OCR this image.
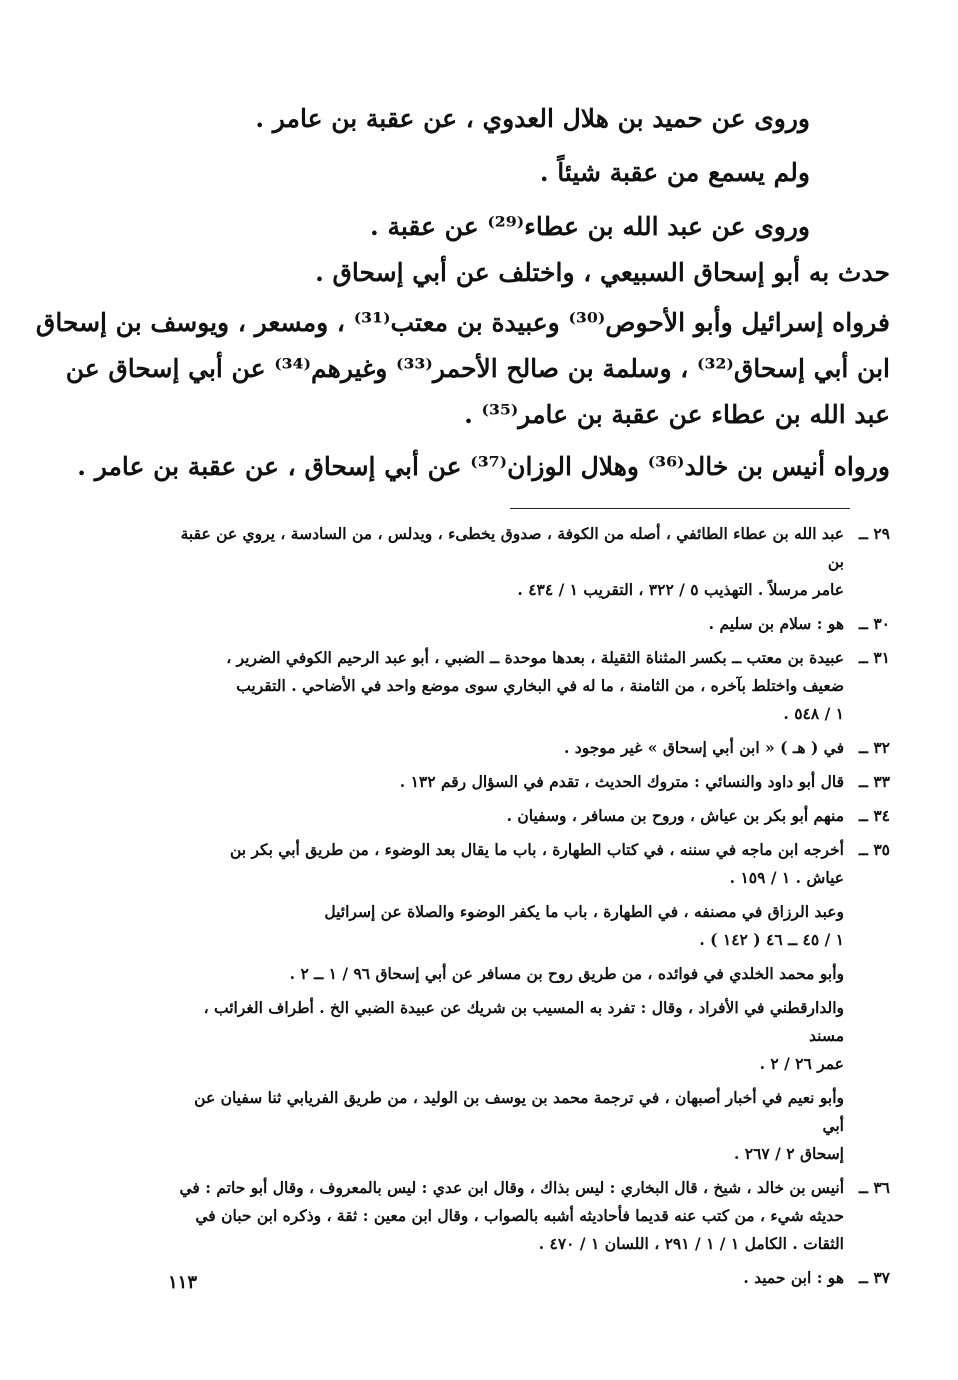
وروى عن حميد بن هلال العدوي ، عن عقبة بن عامر .
ولم يسمع من عقبة شيئاً .
وروى عن عبد الله بن عطاء⁽²⁹⁾ عن عقبة .
حدث به أبو إسحاق السبيعي ، واختلف عن أبي إسحاق .
فرواه إسرائيل وأبو الأحوص⁽³⁰⁾ وعبيدة بن معتب⁽³¹⁾ ، ومسعر ، ويوسف بن إسحاق
ابن أبي إسحاق⁽³²⁾ ، وسلمة بن صالح الأحمر⁽³³⁾ وغيرهم⁽³⁴⁾ عن أبي إسحاق عن
عبد الله بن عطاء عن عقبة بن عامر⁽³⁵⁾ .
ورواه أنيس بن خالد⁽³⁶⁾ وهلال الوزان⁽³⁷⁾ عن أبي إسحاق ، عن عقبة بن عامر .
٢٩ ــ
عبد الله بن عطاء الطائفي ، أصله من الكوفة ، صدوق يخطىء ، ويدلس ، من السادسة ، يروي عن عقبة بن
عامر مرسلاً . التهذيب ٥ / ٣٢٢ ، التقريب ١ / ٤٣٤ .
٣٠ ــ
هو : سلام بن سليم .
٣١ ــ
عبيدة بن معتب ــ بكسر المثناة الثقيلة ، بعدها موحدة ــ الضبي ، أبو عبد الرحيم الكوفي الضرير ،
ضعيف واختلط بآخره ، من الثامنة ، ما له في البخاري سوى موضع واحد في الأضاحي . التقريب
١ / ٥٤٨ .
٣٢ ــ
في ( هـ ) « ابن أبي إسحاق » غير موجود .
٣٣ ــ
قال أبو داود والنسائي : متروك الحديث ، تقدم في السؤال رقم ١٣٢ .
٣٤ ــ
منهم أبو بكر بن عياش ، وروح بن مسافر ، وسفيان .
٣٥ ــ
أخرجه ابن ماجه في سننه ، في كتاب الطهارة ، باب ما يقال بعد الوضوء ، من طريق أبي بكر بن
عياش . ١ / ١٥٩ .
وعبد الرزاق في مصنفه ، في الطهارة ، باب ما يكفر الوضوء والصلاة عن إسرائيل
١ / ٤٥ ــ ٤٦ ( ١٤٢ ) .
وأبو محمد الخلدي في فوائده ، من طريق روح بن مسافر عن أبي إسحاق ٩٦ / ١ ــ ٢ .
والدارقطني في الأفراد ، وقال : تفرد به المسيب بن شريك عن عبيدة الضبي الخ . أطراف الغرائب ، مسند
عمر ٢٦ / ٢ .
وأبو نعيم في أخبار أصبهان ، في ترجمة محمد بن يوسف بن الوليد ، من طريق الفريابي ثنا سفيان عن أبي
إسحاق ٢ / ٢٦٧ .
٣٦ ــ
أنيس بن خالد ، شيخ ، قال البخاري : ليس بذاك ، وقال ابن عدي : ليس بالمعروف ، وقال أبو حاتم : في
حديثه شيء ، من كتب عنه قديما فأحاديثه أشبه بالصواب ، وقال ابن معين : ثقة ، وذكره ابن حبان في
الثقات . الكامل ١ / ١ / ٢٩١ ، اللسان ١ / ٤٧٠ .
٣٧ ــ
هو : ابن حميد .
١١٣
